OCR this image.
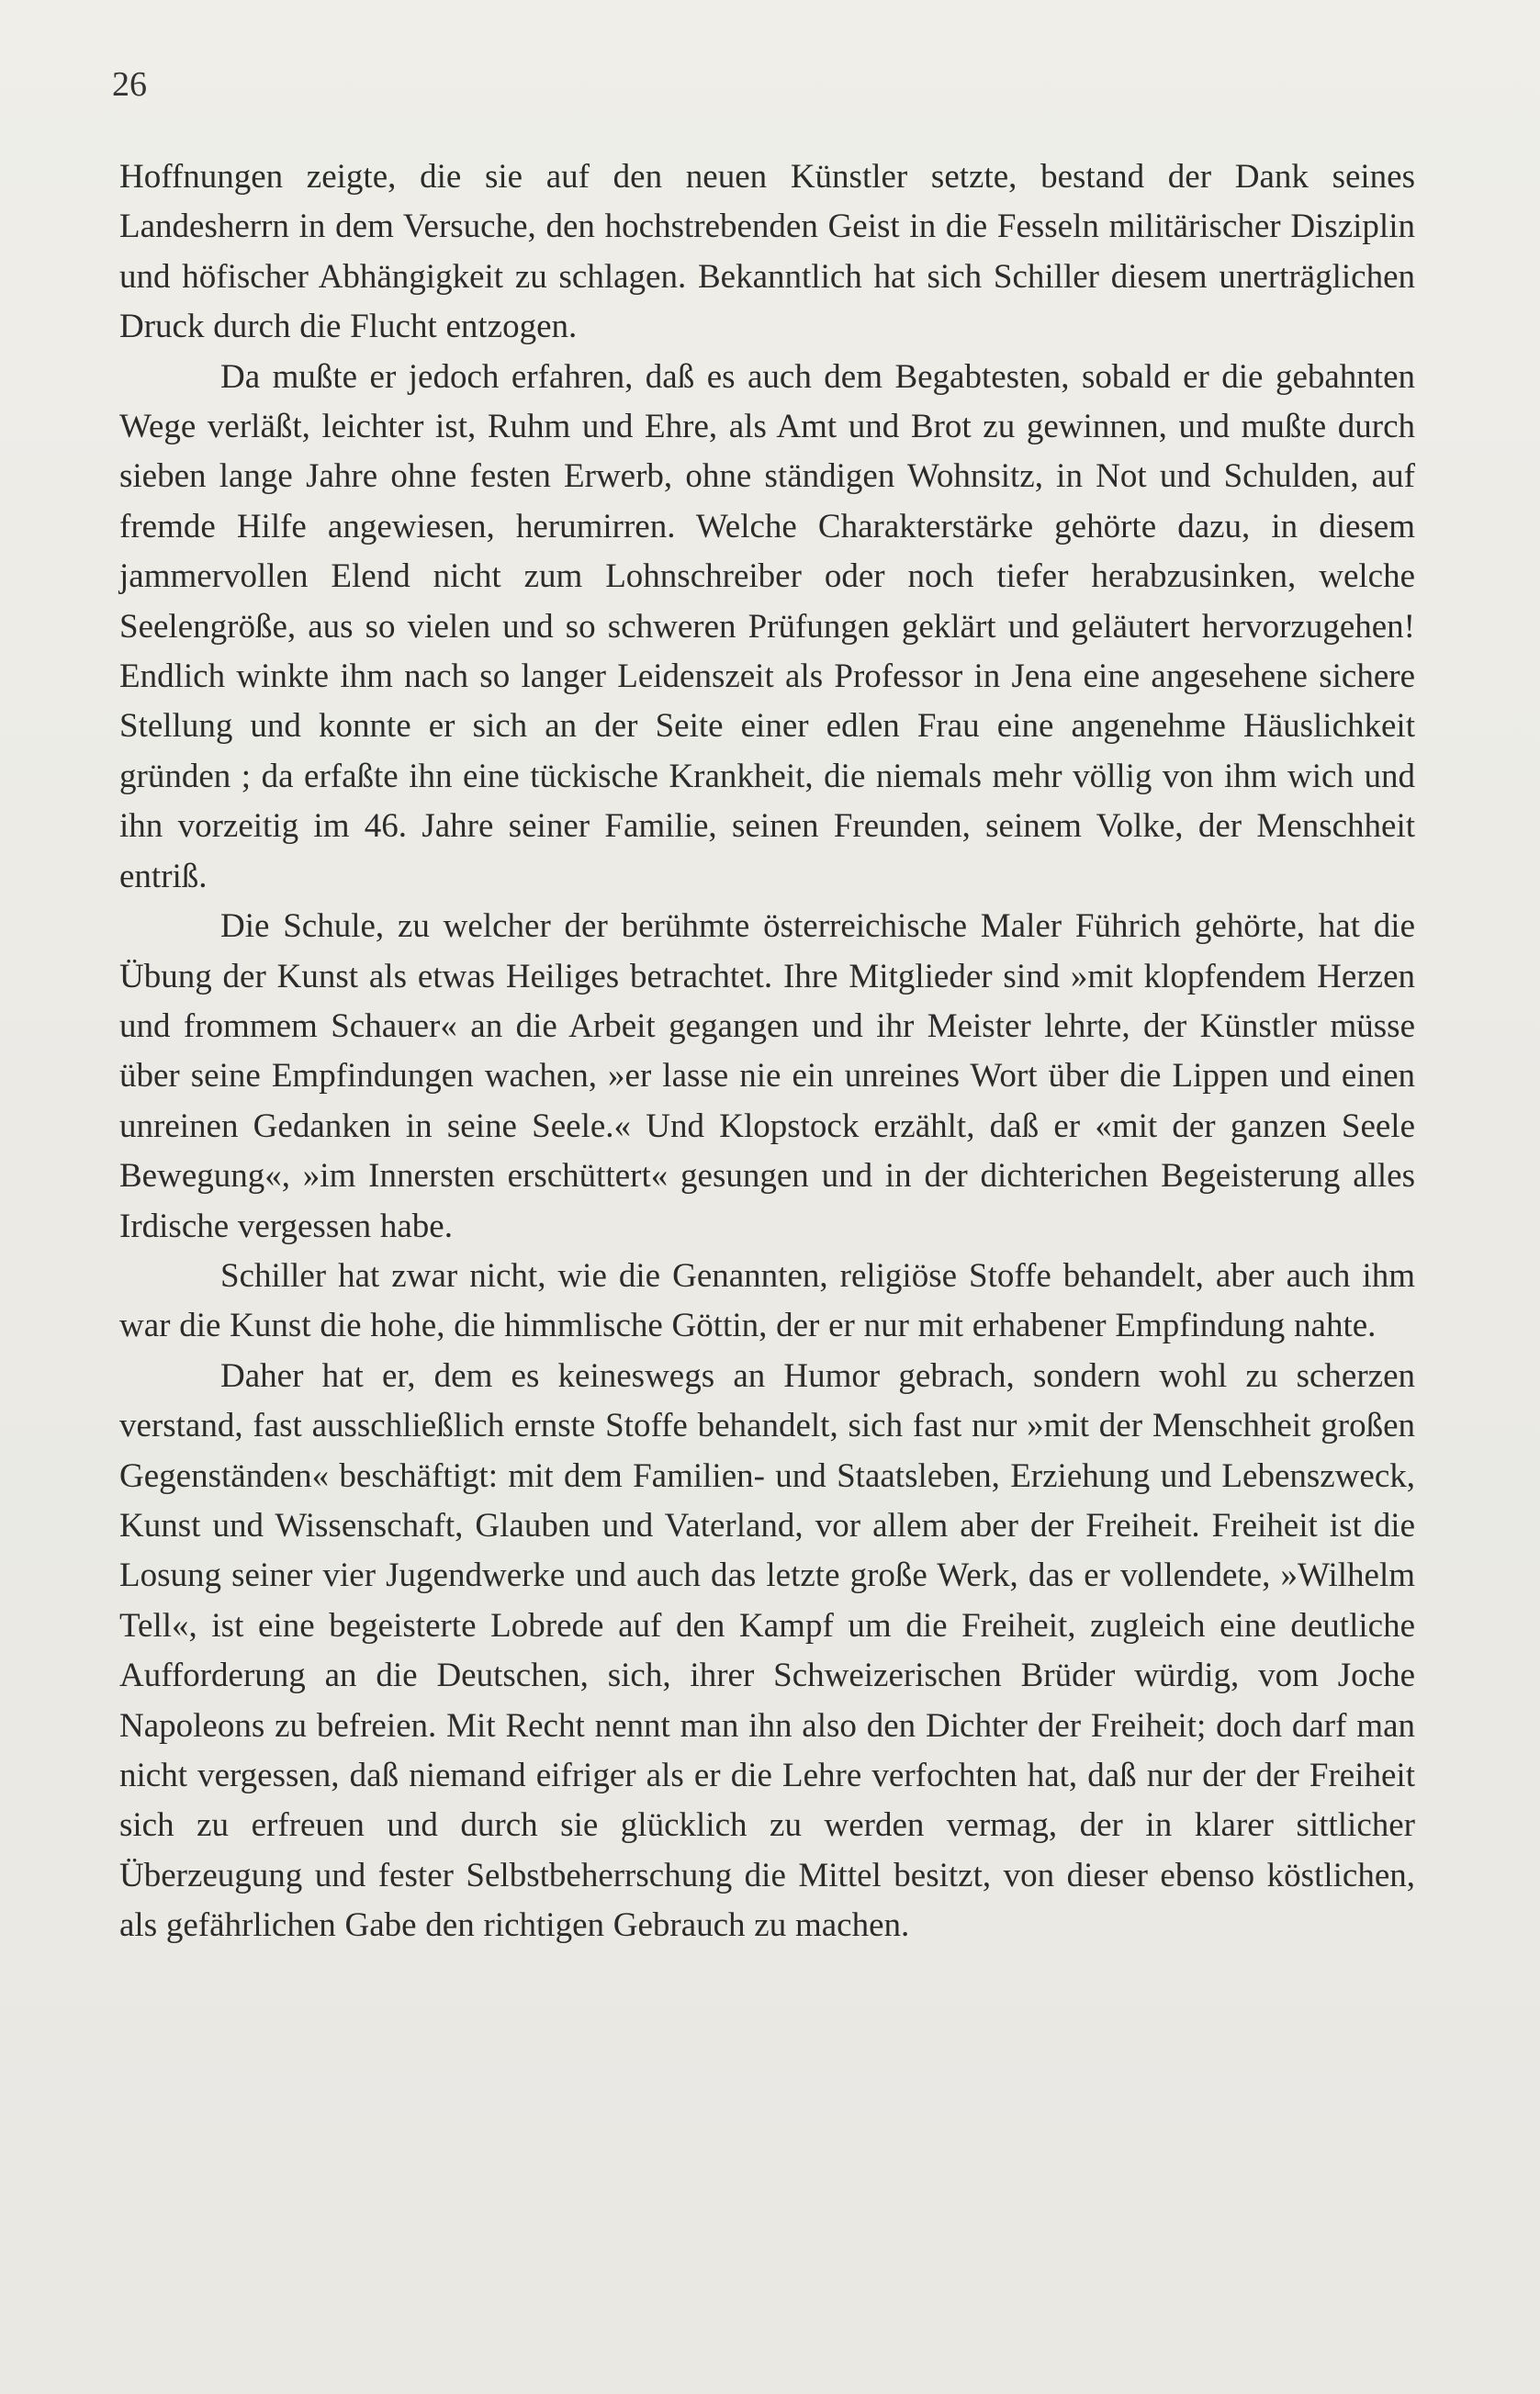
26

Hoffnungen zeigte, die sie auf den neuen Künstler setzte, bestand der Dank seines Landesherrn in dem Versuche, den hochstrebenden Geist in die Fesseln militärischer Disziplin und höfischer Abhängigkeit zu schlagen. Bekanntlich hat sich Schiller diesem unerträglichen Druck durch die Flucht entzogen.

Da mußte er jedoch erfahren, daß es auch dem Begabtesten, sobald er die gebahnten Wege verläßt, leichter ist, Ruhm und Ehre, als Amt und Brot zu gewinnen, und mußte durch sieben lange Jahre ohne festen Erwerb, ohne ständigen Wohnsitz, in Not und Schulden, auf fremde Hilfe angewiesen, herumirren. Welche Charakterstärke gehörte dazu, in diesem jammervollen Elend nicht zum Lohnschreiber oder noch tiefer herabzusinken, welche Seelengröße, aus so vielen und so schweren Prüfungen geklärt und geläutert hervorzugehen! Endlich winkte ihm nach so langer Leidenszeit als Professor in Jena eine angesehene sichere Stellung und konnte er sich an der Seite einer edlen Frau eine angenehme Häuslichkeit gründen ; da erfaßte ihn eine tückische Krankheit, die niemals mehr völlig von ihm wich und ihn vorzeitig im 46. Jahre seiner Familie, seinen Freunden, seinem Volke, der Menschheit entriß.

Die Schule, zu welcher der berühmte österreichische Maler Führich gehörte, hat die Übung der Kunst als etwas Heiliges betrachtet. Ihre Mitglieder sind »mit klopfendem Herzen und frommem Schauer« an die Arbeit gegangen und ihr Meister lehrte, der Künstler müsse über seine Empfindungen wachen, »er lasse nie ein unreines Wort über die Lippen und einen unreinen Gedanken in seine Seele.« Und Klopstock erzählt, daß er «mit der ganzen Seele Bewegung«, »im Innersten erschüttert« gesungen und in der dichterichen Begeisterung alles Irdische vergessen habe.

Schiller hat zwar nicht, wie die Genannten, religiöse Stoffe behandelt, aber auch ihm war die Kunst die hohe, die himmlische Göttin, der er nur mit erhabener Empfindung nahte.

Daher hat er, dem es keineswegs an Humor gebrach, sondern wohl zu scherzen verstand, fast ausschließlich ernste Stoffe behandelt, sich fast nur »mit der Menschheit großen Gegenständen« beschäftigt: mit dem Familien- und Staatsleben, Erziehung und Lebenszweck, Kunst und Wissenschaft, Glauben und Vaterland, vor allem aber der Freiheit. Freiheit ist die Losung seiner vier Jugendwerke und auch das letzte große Werk, das er vollendete, »Wilhelm Tell«, ist eine begeisterte Lobrede auf den Kampf um die Freiheit, zugleich eine deutliche Aufforderung an die Deutschen, sich, ihrer Schweizerischen Brüder würdig, vom Joche Napoleons zu befreien. Mit Recht nennt man ihn also den Dichter der Freiheit; doch darf man nicht vergessen, daß niemand eifriger als er die Lehre verfochten hat, daß nur der der Freiheit sich zu erfreuen und durch sie glücklich zu werden vermag, der in klarer sittlicher Überzeugung und fester Selbstbeherrschung die Mittel besitzt, von dieser ebenso köstlichen, als gefährlichen Gabe den richtigen Gebrauch zu machen.
